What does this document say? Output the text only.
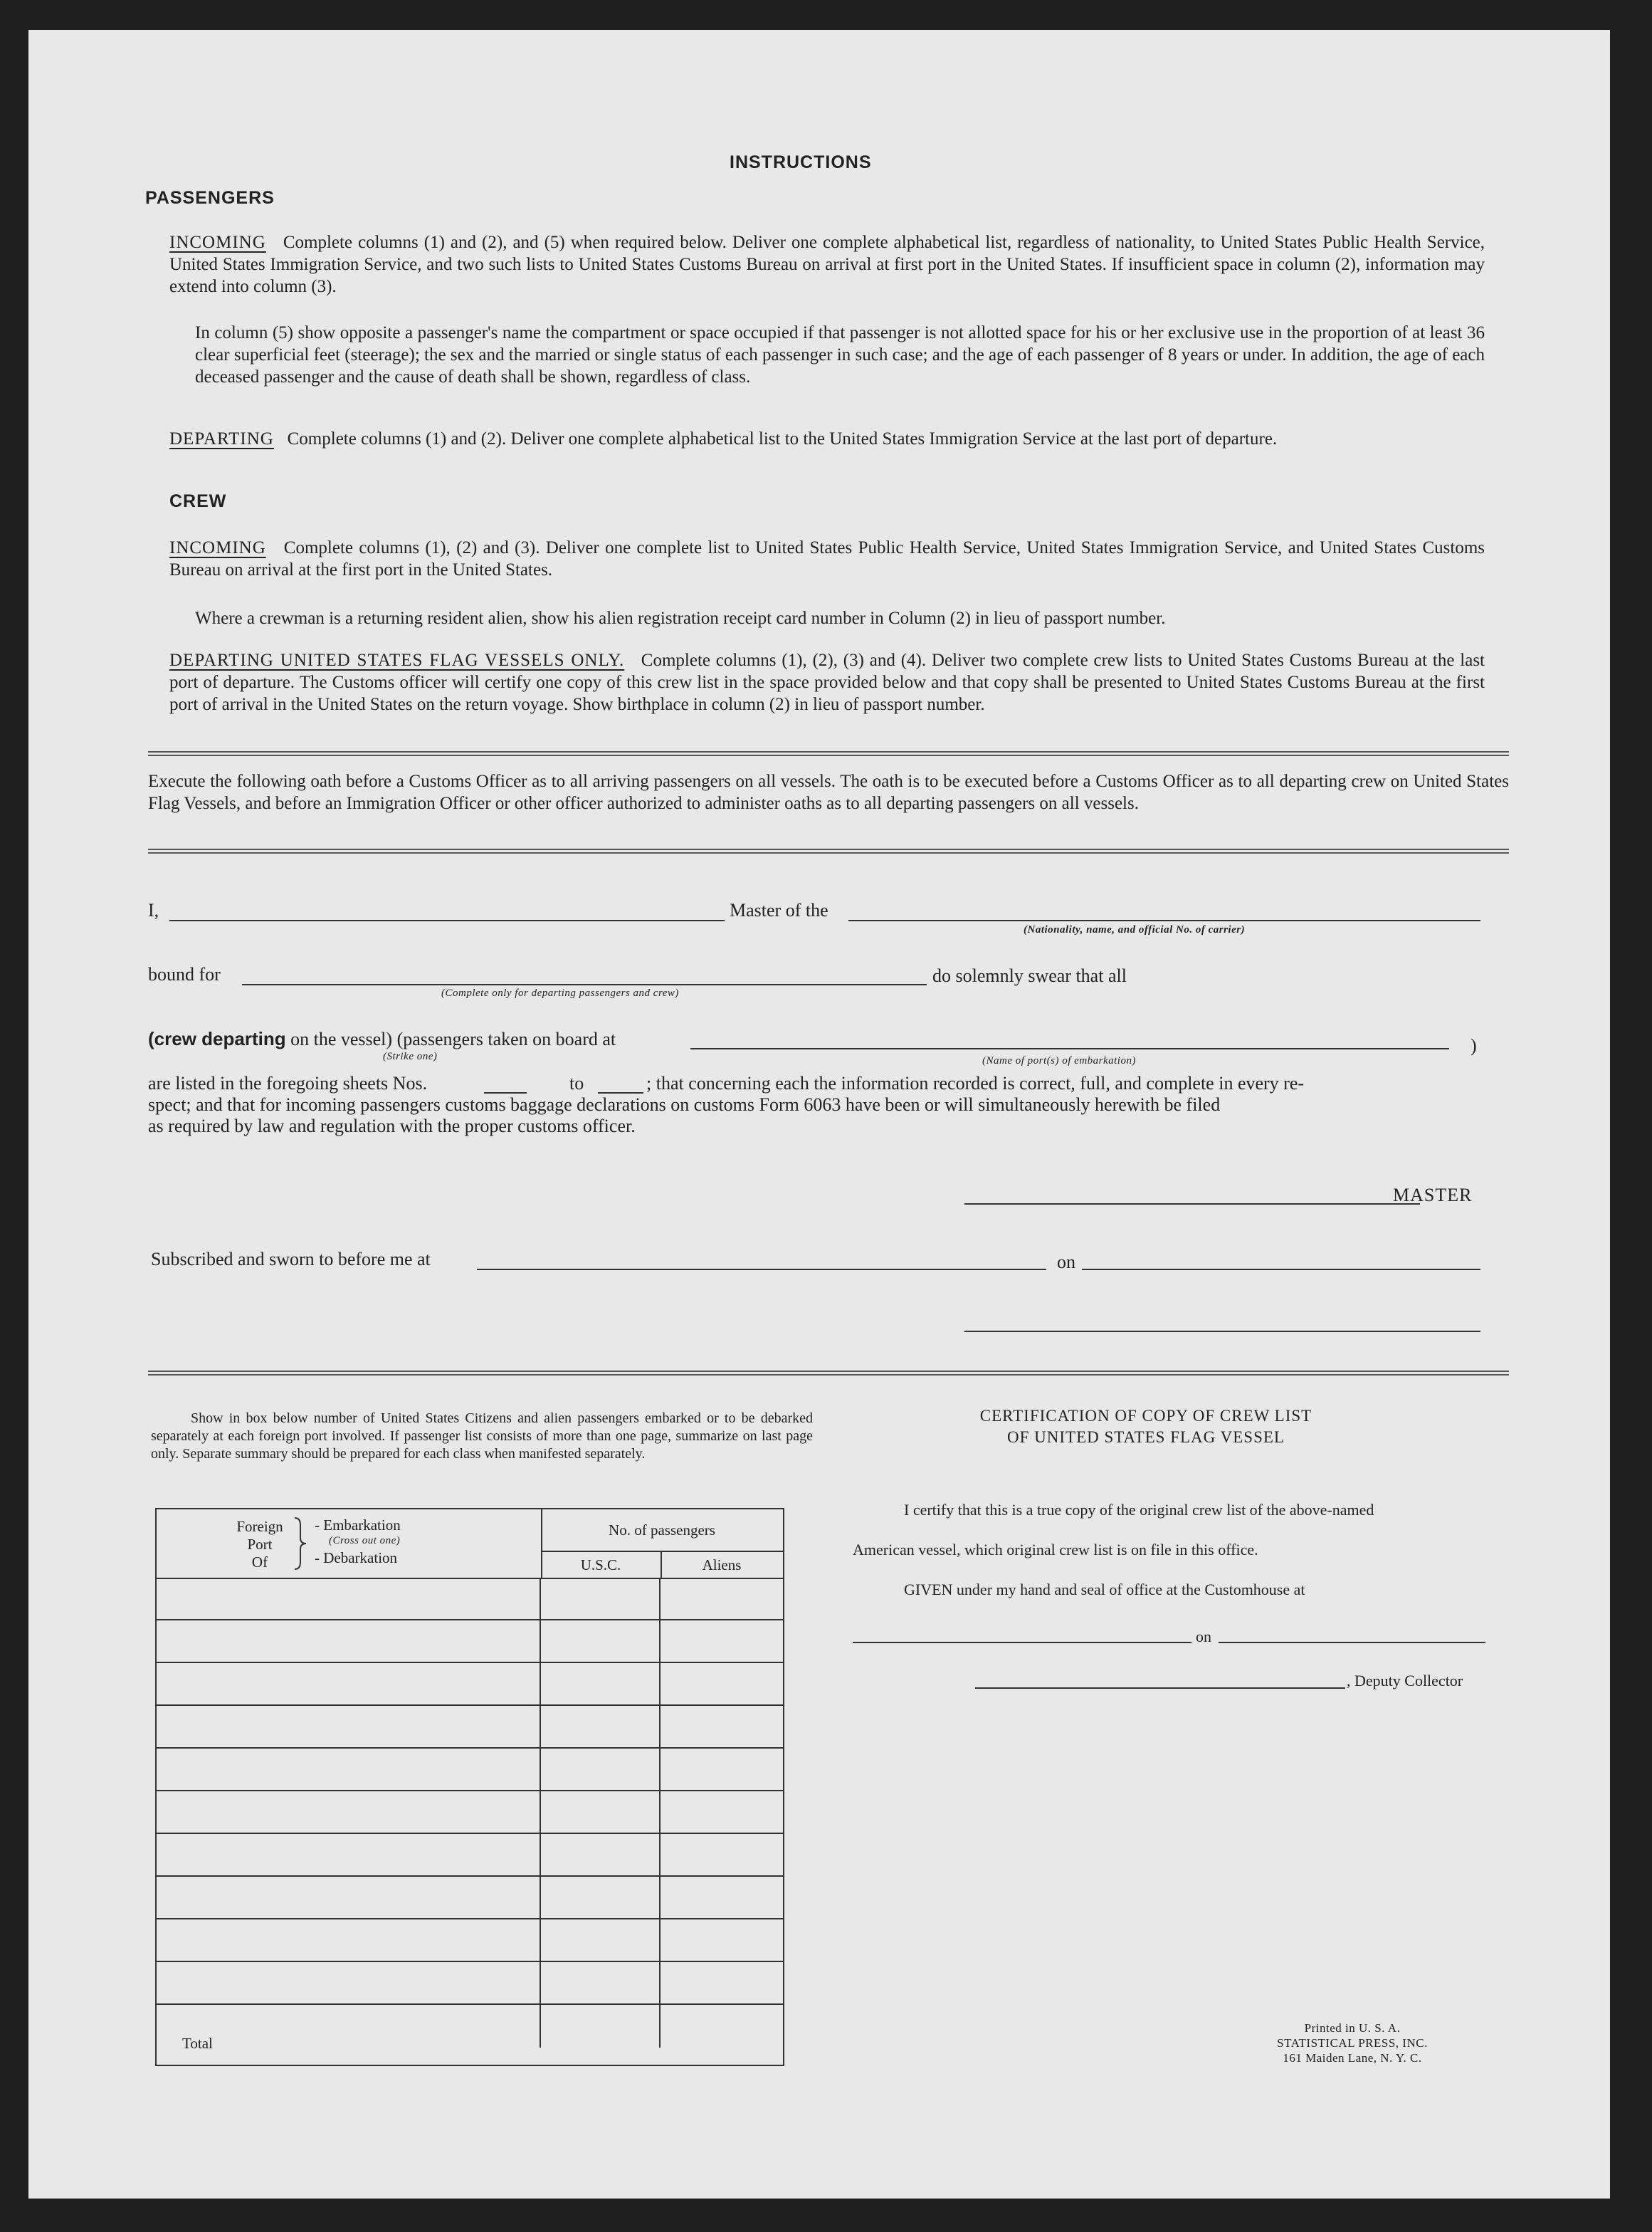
INSTRUCTIONS
PASSENGERS
INCOMING Complete columns (1) and (2), and (5) when required below. Deliver one complete alphabetical list, regardless of nationality, to United States Public Health Service, United States Immigration Service, and two such lists to United States Customs Bureau on arrival at first port in the United States. If insufficient space in column (2), information may extend into column (3).
In column (5) show opposite a passenger's name the compartment or space occupied if that passenger is not allotted space for his or her exclusive use in the proportion of at least 36 clear superficial feet (steerage); the sex and the married or single status of each passenger in such case; and the age of each passenger of 8 years or under. In addition, the age of each deceased passenger and the cause of death shall be shown, regardless of class.
DEPARTING Complete columns (1) and (2). Deliver one complete alphabetical list to the United States Immigration Service at the last port of departure.
CREW
INCOMING Complete columns (1), (2) and (3). Deliver one complete list to United States Public Health Service, United States Immigration Service, and United States Customs Bureau on arrival at the first port in the United States.
Where a crewman is a returning resident alien, show his alien registration receipt card number in Column (2) in lieu of passport number.
DEPARTING UNITED STATES FLAG VESSELS ONLY. Complete columns (1), (2), (3) and (4). Deliver two complete crew lists to United States Customs Bureau at the last port of departure. The Customs officer will certify one copy of this crew list in the space provided below and that copy shall be presented to United States Customs Bureau at the first port of arrival in the United States on the return voyage. Show birthplace in column (2) in lieu of passport number.
Execute the following oath before a Customs Officer as to all arriving passengers on all vessels. The oath is to be executed before a Customs Officer as to all departing crew on United States Flag Vessels, and before an Immigration Officer or other officer authorized to administer oaths as to all departing passengers on all vessels.
I,	Master of the
(Nationality, name, and official No. of carrier)
bound for
(Complete only for departing passengers and crew)
do solemnly swear that all
(crew departing on the vessel) (passengers taken on board at	)
(Strike one)	(Name of port(s) of embarkation)
are listed in the foregoing sheets Nos.	to	; that concerning each the information recorded is correct, full, and complete in every re-
spect; and that for incoming passengers customs baggage declarations on customs Form 6063 have been or will simultaneously herewith be filed
as required by law and regulation with the proper customs officer.
MASTER
Subscribed and sworn to before me at	on
Show in box below number of United States Citizens and alien passengers embarked or to be debarked separately at each foreign port involved. If passenger list consists of more than one page, summarize on last page only. Separate summary should be prepared for each class when manifested separately.
Foreign
Port
Of
- Embarkation
(Cross out one)
- Debarkation
No. of passengers
U.S.C.	Aliens
Total
CERTIFICATION OF COPY OF CREW LIST
OF UNITED STATES FLAG VESSEL
I certify that this is a true copy of the original crew list of the above-named
American vessel, which original crew list is on file in this office.
GIVEN under my hand and seal of office at the Customhouse at
on
, Deputy Collector
Printed in U. S. A.
STATISTICAL PRESS, INC.
161 Maiden Lane, N. Y. C.
